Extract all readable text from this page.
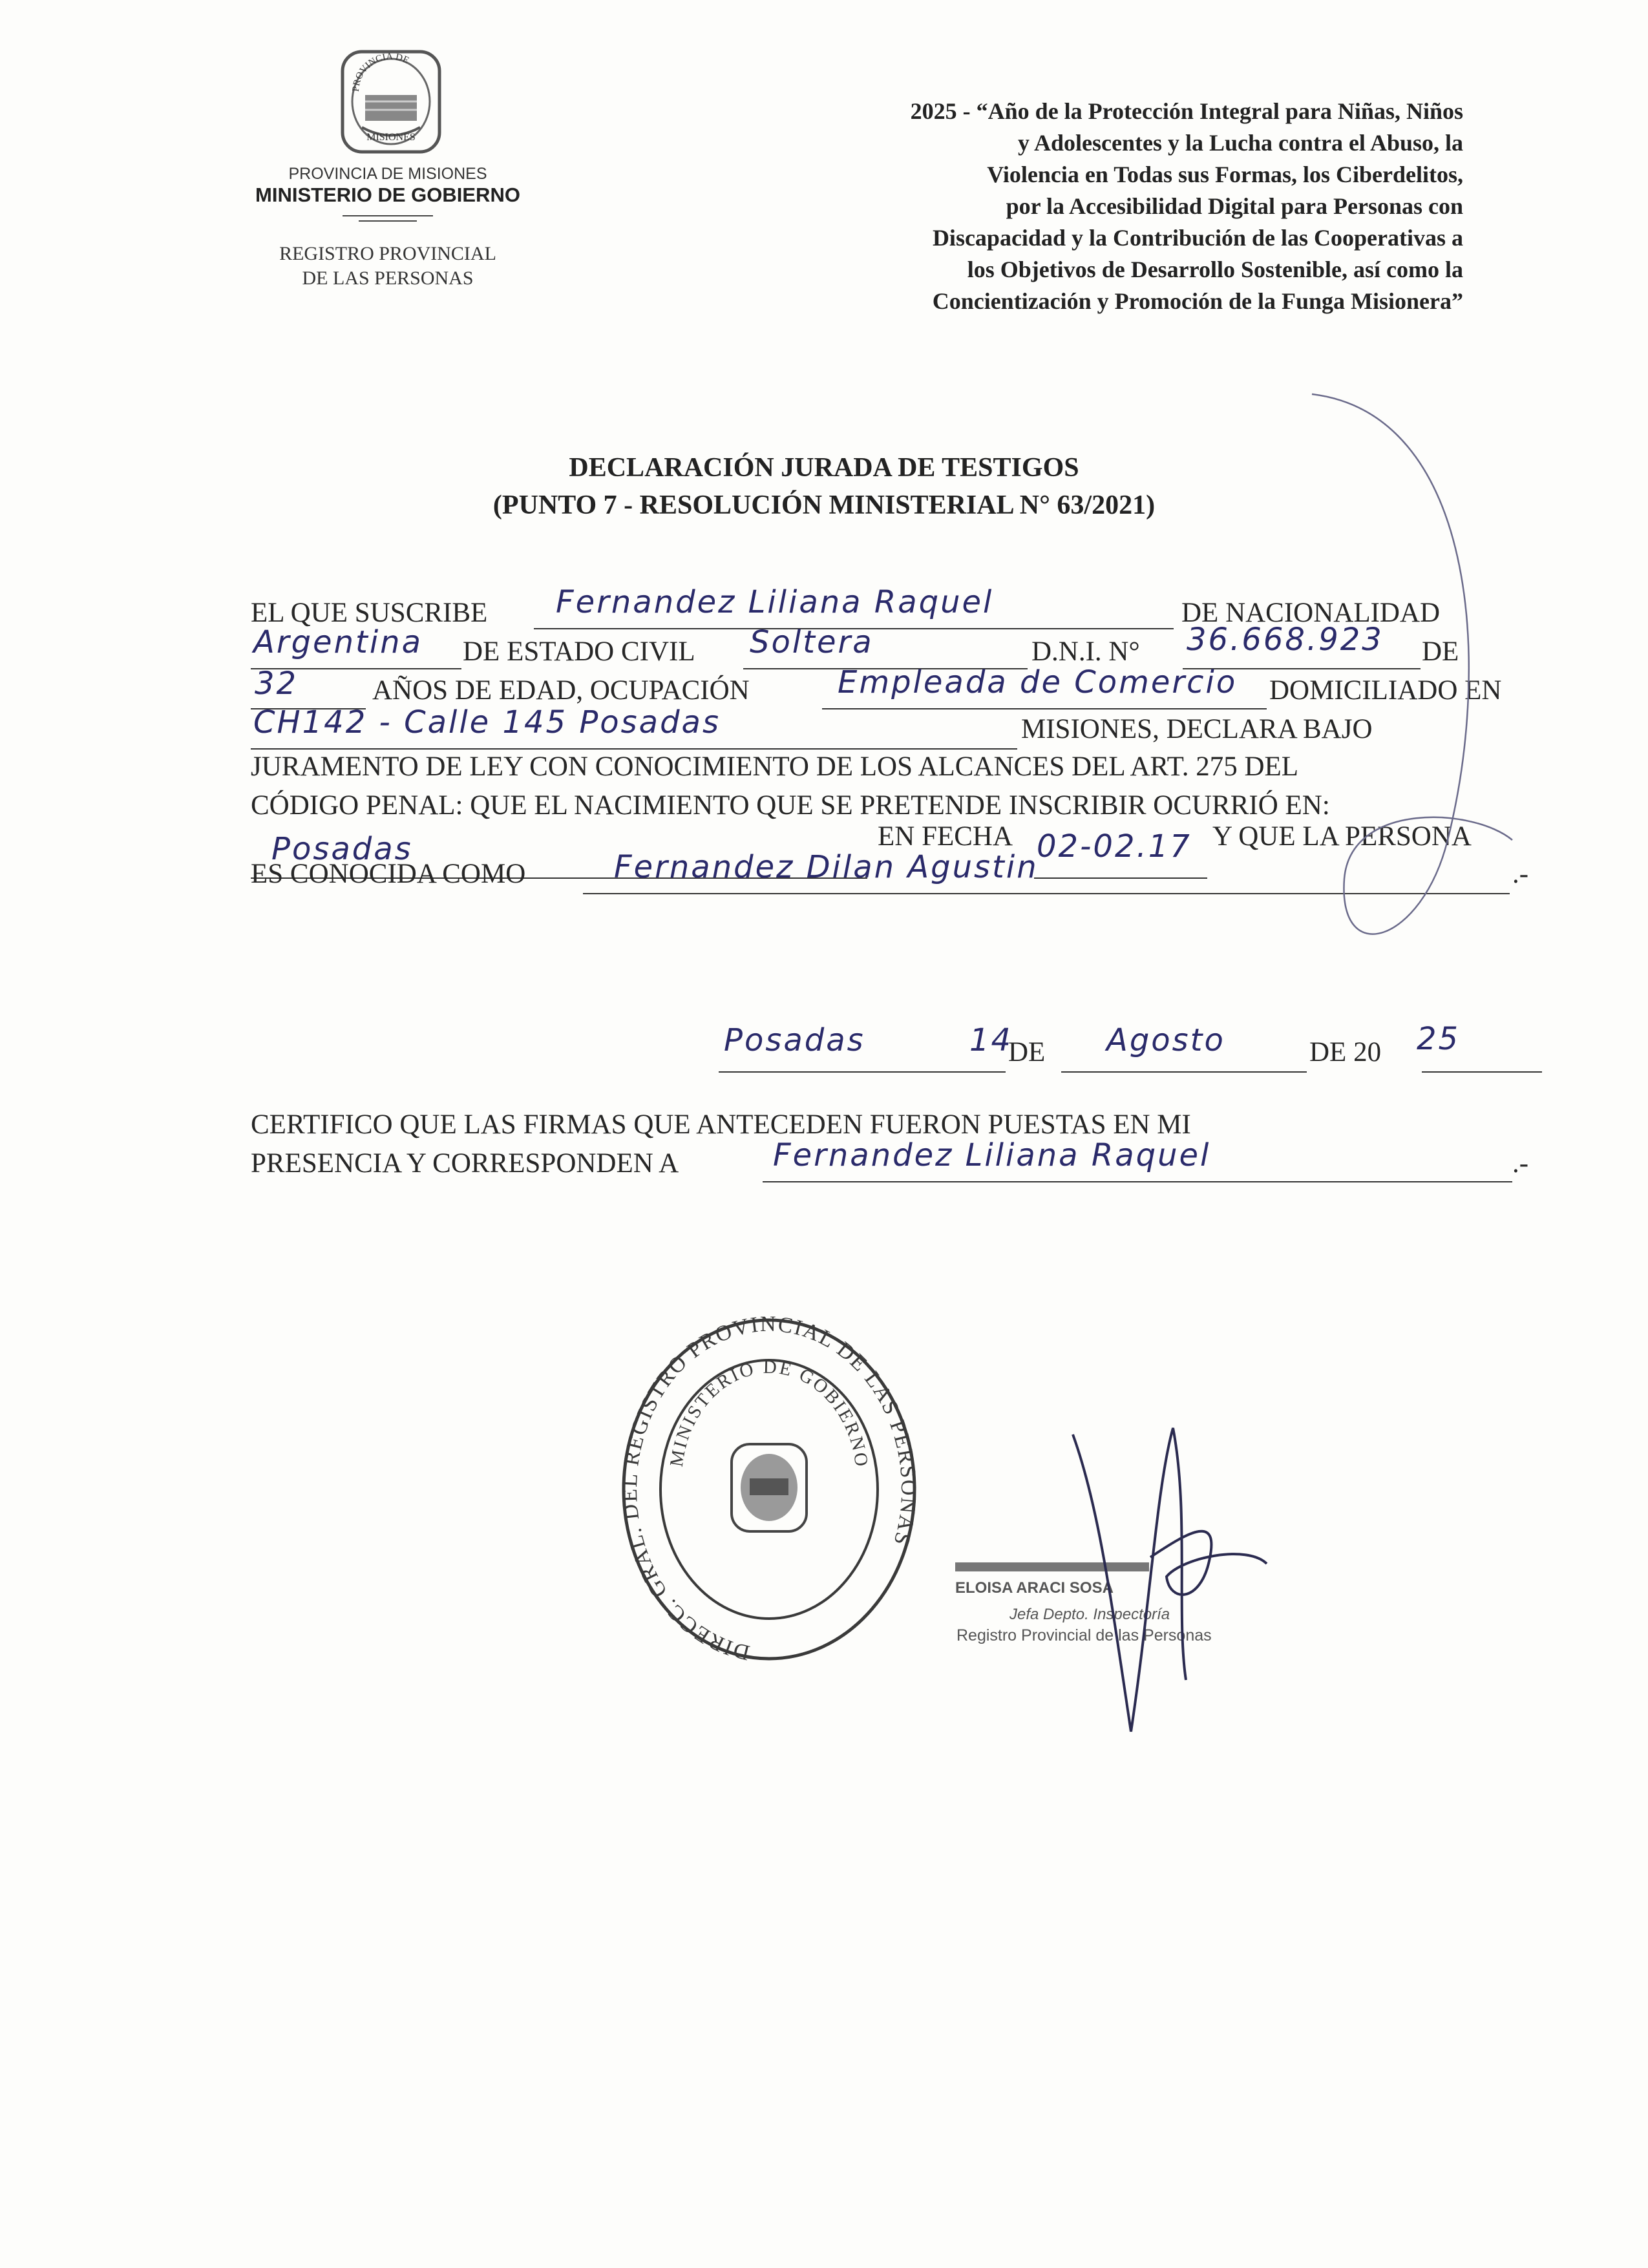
PROVINCIA DE
MISIONES
PROVINCIA DE MISIONES
MINISTERIO DE GOBIERNO
REGISTRO PROVINCIAL
DE LAS PERSONAS
2025 - “Año de la Protección Integral para Niñas, Niños
y Adolescentes y la Lucha contra el Abuso, la
Violencia en Todas sus Formas, los Ciberdelitos,
por la Accesibilidad Digital para Personas con
Discapacidad y la Contribución de las Cooperativas a
los Objetivos de Desarrollo Sostenible, así como la
Concientización y Promoción de la Funga Misionera”
DECLARACIÓN JURADA DE TESTIGOS
(PUNTO 7 - RESOLUCIÓN MINISTERIAL N° 63/2021)
EL QUE SUSCRIBE Fernandez Liliana Raquel	DE NACIONALIDAD
Argentina DE ESTADO CIVIL Soltera	D.N.I. N° 36.668.923 DE
32	AÑOS DE EDAD, OCUPACIÓN	Empleada de Comercio DOMICILIADO EN
CH142 - Calle 145 Posadas	MISIONES, DECLARA BAJO
JURAMENTO DE LEY CON CONOCIMIENTO DE LOS ALCANCES DEL ART. 275 DEL
CÓDIGO PENAL: QUE EL NACIMIENTO QUE SE PRETENDE INSCRIBIR OCURRIÓ EN:
Posadas	EN FECHA 02-02.17 Y QUE LA PERSONA
ES CONOCIDA COMO	Fernandez Dilan Agustin	.-
Posadas	14
DE Agosto	DE 20 25
CERTIFICO QUE LAS FIRMAS QUE ANTECEDEN FUERON PUESTAS EN MI
PRESENCIA Y CORRESPONDEN A	Fernandez Liliana Raquel	.-
DIRECC. GRAL. DEL REGISTRO PROVINCIAL DE LAS PERSONAS
MINISTERIO DE GOBIERNO
ELOISA ARACI SOSA
Jefa Depto. Inspectoría
Registro Provincial de las Personas
